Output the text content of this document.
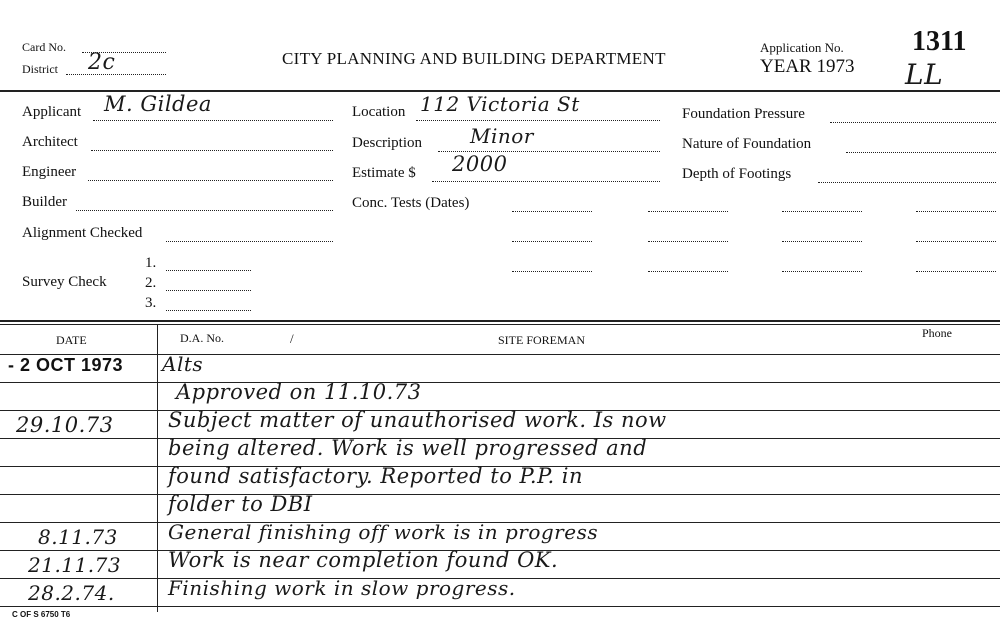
Card No.
District 2c	CITY PLANNING AND BUILDING DEPARTMENT
Application No.
YEAR 1973
1311
LL
Applicant M. Gildea
Architect
Engineer
Builder
Alignment Checked
Survey Check
1.
2.
3.
Location 112 Victoria St
Description Minor
Estimate $ 2000
Conc. Tests (Dates)
Foundation Pressure
Nature of Foundation
Depth of Footings
DATE	D.A. No.	/	SITE FOREMAN	Phone
- 2 OCT 1973 Alts
Approved on 11.10.73
29.10.73	Subject matter of unauthorised work. Is now
being altered. Work is well progressed and
found satisfactory. Reported to P.P. in
folder to DBI
8.11.73	General finishing off work is in progress
21.11.73 Work is near completion found OK.
28.2.74.	Finishing work in slow progress.
C OF S 6750 T6
